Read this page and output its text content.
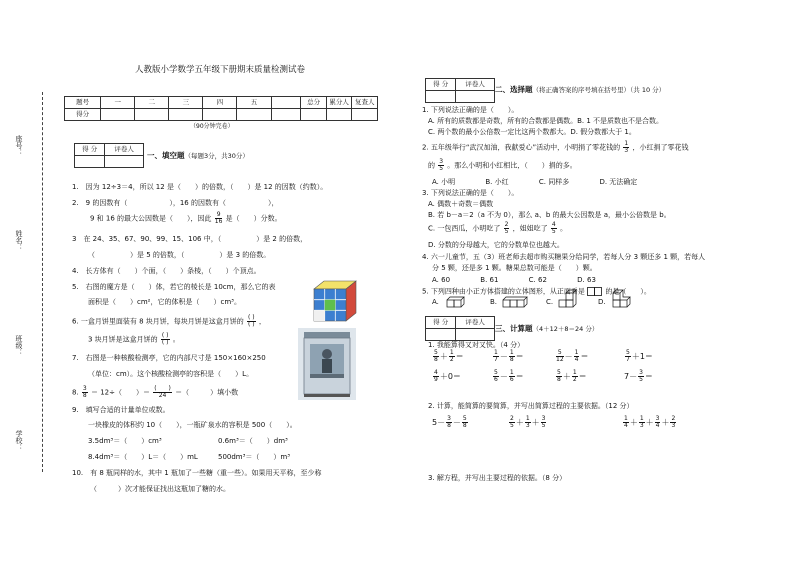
座号：
姓名：
班级：
学校：
人教版小学数学五年级下册期末质量检测试卷
题号	一	二	三	四	五		总分	累分人	复查人
得分									
（90分钟完卷）
得 分	评卷人

一、填空题（每题3分，共30分）
1.　因为 12÷3＝4，所以 12 是（　　）的倍数，（　　）是 12 的因数（约数）。
2.　9 的因数有（　　　　　　），16 的因数有（　　　　　　），
9 和 16 的最大公因数是（　　），因此 $\frac{9}{16}$ 是（　　）分数。
3　在 24、35、67、90、99、15、106 中，（　　　　　）是 2 的倍数，
（　　　　　）是 5 的倍数，（　　　　　）是 3 的倍数。
4.　长方体有（　　）个面，（　　）条棱，（　　）个顶点。
5.　右图的魔方是（　　）体，若它的棱长是 10cm，那么它的表
面积是（　　）cm²，它的体积是（　　）cm³。
6. 一盒月饼里面装有 8 块月饼，每块月饼是这盒月饼的 $\frac{( )}{( )}$ ，
3 块月饼是这盒月饼的 $\frac{( )}{( )}$ 。
7.　右图是一种核酸检测亭，它的内部尺寸是 150×160×250
（单位：cm）。这个核酸检测亭的容积是（　　）L。
8. $\frac{3}{8} = 12\div$（　　）＝ $\frac{( )}{24}$ ＝（　　　）填小数
9.　填写合适的计量单位或数。
一块橡皮的体积约 10（　　），一瓶矿泉水的容积是 500（　　）。
3.5dm³＝（　　）cm³	0.6m³＝（　　）dm³
8.4dm³＝（　　）L＝（　　）mL	500dm³＝（　　）m³
10.　有 8 瓶同样的水，其中 1 瓶加了一些糖（重一些）。如果用天平称，至少称
（　　　）次才能保证找出这瓶加了糖的水。
得 分	评卷人

二、选择题（将正确答案的序号填在括号里）（共 10 分）
1. 下列说法正确的是（　　）。
A. 所有的质数都是奇数，所有的合数都是偶数。B. 1 不是质数也不是合数。
C. 两个数的最小公倍数一定比这两个数都大。D. 假分数都大于 1。
2. 五年级举行“武汉加油，我献爱心”活动中，小明捐了零花钱的 $\frac{1}{3}$ ，小红捐了零花钱
的 $\frac{3}{5}$ 。那么小明和小红相比，（　　）捐的多。
A. 小明	B. 小红	C. 同样多	D. 无法确定
3. 下列说法正确的是（　　）。
A. 偶数＋奇数＝偶数
B. 若 b－a＝2（a 不为 0），那么 a、b 的最大公因数是 a，最小公倍数是 b。
C. 一包西瓜，小明吃了 $\frac{2}{5}$ ，姐姐吃了 $\frac{4}{5}$ 。
D. 分数的分母越大，它的分数单位也越大。
4. 六一儿童节，五（3）班老师去超市购买糖果分给同学，若每人分 3 颗还多 1 颗，若每人
分 5 颗，还是多 1 颗。糖果总数可能是（　　）颗。
A. 60	B. 61	C. 62	D. 63
5. 下列四种由小正方体搭建的立体图形，从正面看是	的是（　　）。
A.	B.	C.	D.
得 分	评卷人

三、计算题（4＋12＋8＝24 分）
1. 我能算得又对又快。（4 分）
$\frac{5}{8} + \frac{1}{2}$ ＝	$\frac{1}{7} - \frac{1}{8}$ ＝	$\frac{5}{12} - \frac{1}{4}$ ＝	$\frac{5}{7} +1=$
$\frac{4}{9} +0=$	$\frac{5}{6} - \frac{1}{6}$ ＝	$\frac{5}{8} + \frac{1}{2}$ ＝	$7- \frac{3}{5}$ ＝
2. 计算，能简算的要简算，并写出简算过程的主要依据。（12 分）
$5- \frac{3}{8} - \frac{5}{8}$	$\frac{2}{5} + \frac{1}{3} + \frac{3}{5}$	$\frac{1}{4} + \frac{1}{3} + \frac{3}{4} + \frac{2}{3}$
3. 解方程，并写出主要过程的依据。（8 分）
